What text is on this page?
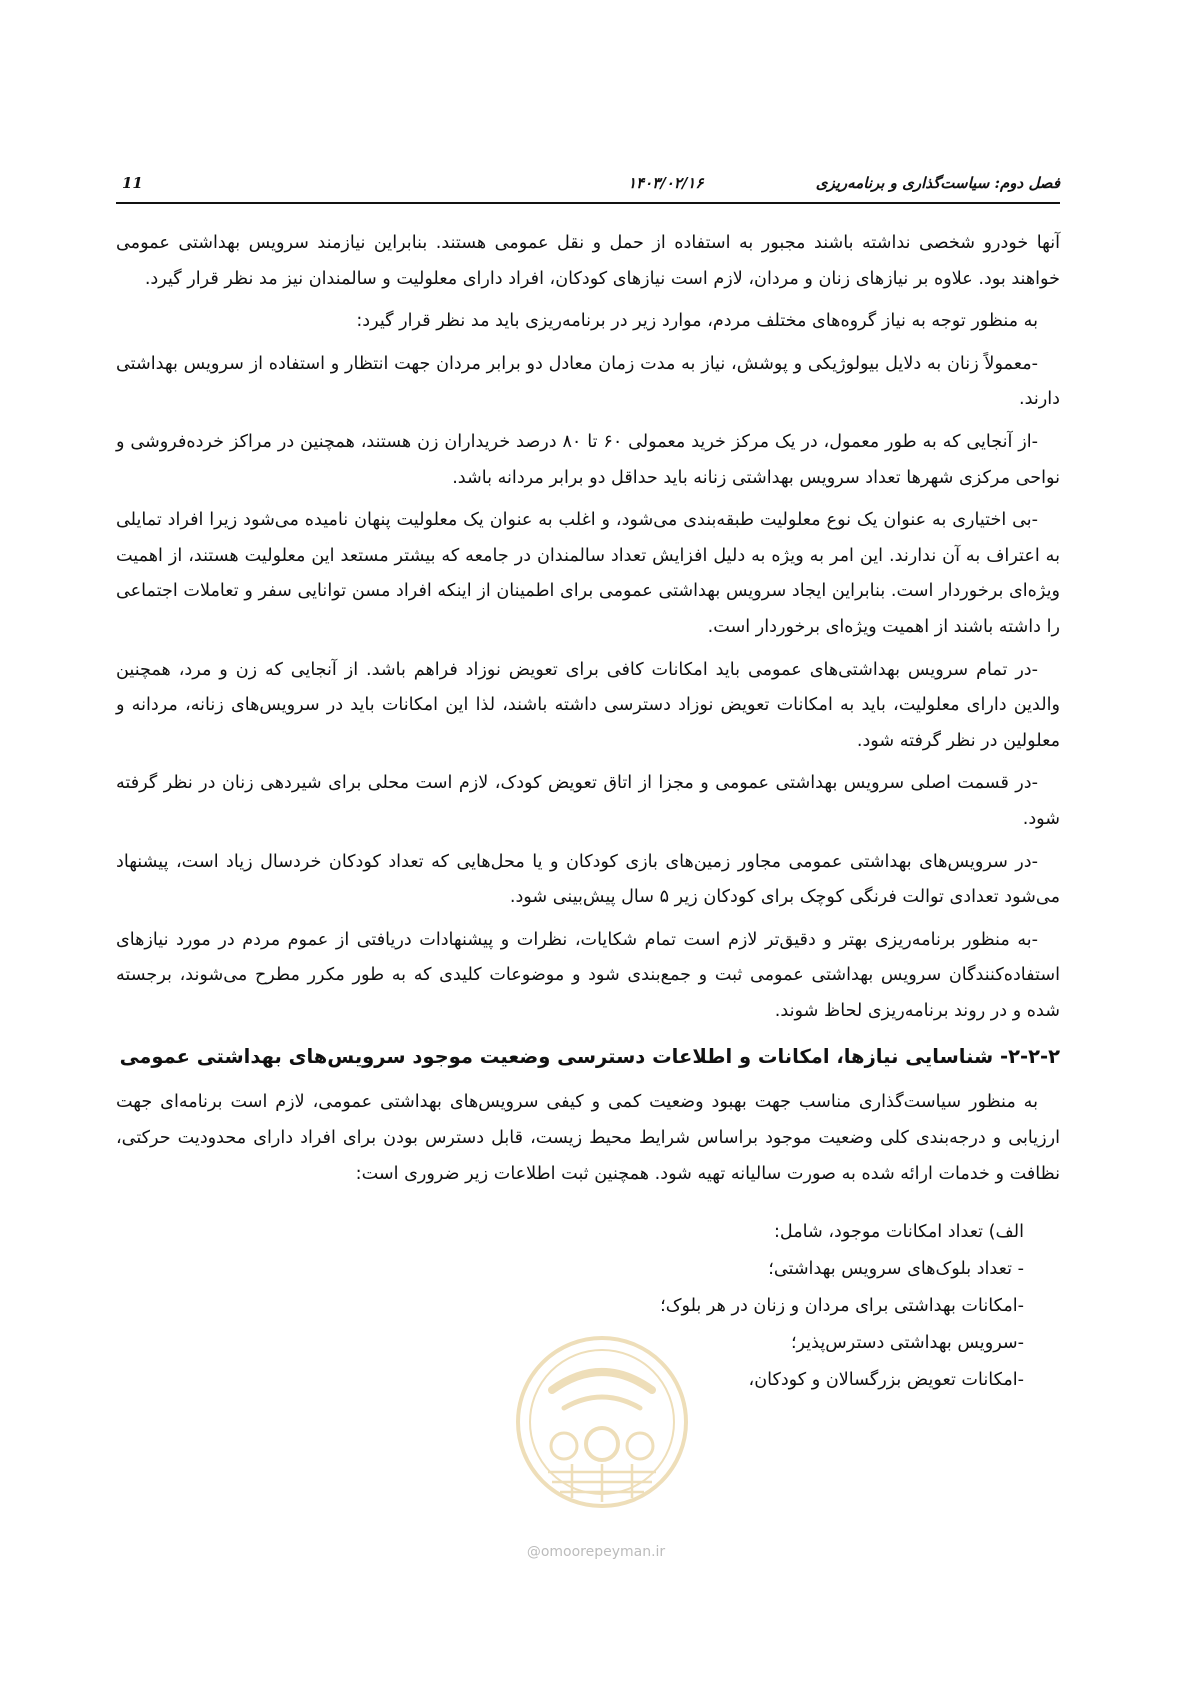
فصل دوم: سیاست‌گذاری و برنامه‌ریزی
۱۴۰۳/۰۲/۱۶
11

آنها خودرو شخصی نداشته باشند مجبور به استفاده از حمل و نقل عمومی هستند. بنابراین نیازمند سرویس بهداشتی عمومی خواهند بود. علاوه بر نیازهای زنان و مردان، لازم است نیازهای کودکان، افراد دارای معلولیت و سالمندان نیز مد نظر قرار گیرد.

به منظور توجه به نیاز گروه‌های مختلف مردم، موارد زیر در برنامه‌ریزی باید مد نظر قرار گیرد:

-معمولاً زنان به دلایل بیولوژیکی و پوشش، نیاز به مدت زمان معادل دو برابر مردان جهت انتظار و استفاده از سرویس بهداشتی دارند.

-از آنجایی که به طور معمول، در یک مرکز خرید معمولی ۶۰ تا ۸۰ درصد خریداران زن هستند، همچنین در مراکز خرده‌فروشی و نواحی مرکزی شهرها تعداد سرویس بهداشتی زنانه باید حداقل دو برابر مردانه باشد.

-بی اختیاری به عنوان یک نوع معلولیت طبقه‌بندی می‌شود، و اغلب به عنوان یک معلولیت پنهان نامیده می‌شود زیرا افراد تمایلی به اعتراف به آن ندارند. این امر به ویژه به دلیل افزایش تعداد سالمندان در جامعه که بیشتر مستعد این معلولیت هستند، از اهمیت ویژه‌ای برخوردار است. بنابراین ایجاد سرویس بهداشتی عمومی برای اطمینان از اینکه افراد مسن توانایی سفر و تعاملات اجتماعی را داشته باشند از اهمیت ویژه‌ای برخوردار است.

-در تمام سرویس بهداشتی‌های عمومی باید امکانات کافی برای تعویض نوزاد فراهم باشد. از آنجایی که زن و مرد، همچنین والدین دارای معلولیت، باید به امکانات تعویض نوزاد دسترسی داشته باشند، لذا این امکانات باید در سرویس‌های زنانه، مردانه و معلولین در نظر گرفته شود.

-در قسمت اصلی سرویس بهداشتی عمومی و مجزا از اتاق تعویض کودک، لازم است محلی برای شیردهی زنان در نظر گرفته شود.

-در سرویس‌های بهداشتی عمومی مجاور زمین‌های بازی کودکان و یا محل‌هایی که تعداد کودکان خردسال زیاد است، پیشنهاد می‌شود تعدادی توالت فرنگی کوچک برای کودکان زیر ۵ سال پیش‌بینی شود.

-به منظور برنامه‌ریزی بهتر و دقیق‌تر لازم است تمام شکایات، نظرات و پیشنهادات دریافتی از عموم مردم در مورد نیازهای استفاده‌کنندگان سرویس بهداشتی عمومی ثبت و جمع‌بندی شود و موضوعات کلیدی که به طور مکرر مطرح می‌شوند، برجسته شده و در روند برنامه‌ریزی لحاظ شوند.

۲-۲-۲- شناسایی نیازها، امکانات و اطلاعات دسترسی وضعیت موجود سرویس‌های بهداشتی عمومی

به منظور سیاست‌گذاری مناسب جهت بهبود وضعیت کمی و کیفی سرویس‌های بهداشتی عمومی، لازم است برنامه‌ای جهت ارزیابی و درجه‌بندی کلی وضعیت موجود براساس شرایط محیط زیست، قابل دسترس بودن برای افراد دارای محدودیت حرکتی، نظافت و خدمات ارائه شده به صورت سالیانه تهیه شود. همچنین ثبت اطلاعات زیر ضروری است:

الف) تعداد امکانات موجود، شامل:
- تعداد بلوک‌های سرویس بهداشتی؛
-امکانات بهداشتی برای مردان و زنان در هر بلوک؛
-سرویس بهداشتی دسترس‌پذیر؛
-امکانات تعویض بزرگسالان و کودکان،
@omoorepeyman.ir
